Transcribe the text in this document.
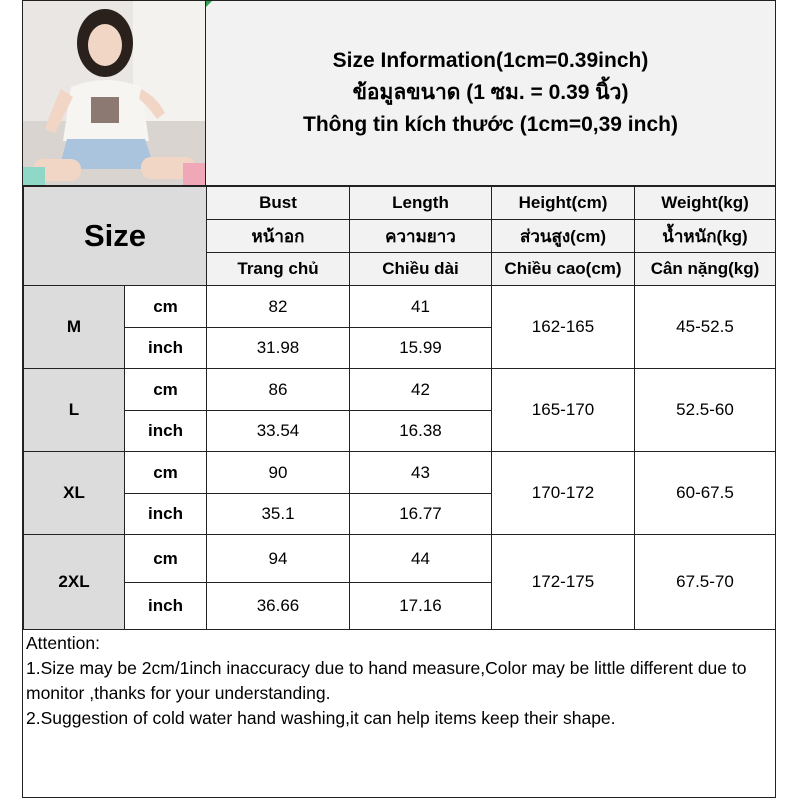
Size Information(1cm=0.39inch)
ข้อมูลขนาด (1 ซม. = 0.39 นิ้ว)
Thông tin kích thước (1cm=0,39 inch)
Size		Bust	Length	Height(cm)	Weight(kg)
		หน้าอก	ความยาว	ส่วนสูง(cm)	น้ำหนัก(kg)
		Trang chủ	Chiều dài	Chiều cao(cm)	Cân nặng(kg)
M	cm	82	41	162-165	45-52.5
	inch	31.98	15.99		
L	cm	86	42	165-170	52.5-60
	inch	33.54	16.38		
XL	cm	90	43	170-172	60-67.5
	inch	35.1	16.77		
2XL	cm	94	44	172-175	67.5-70
	inch	36.66	17.16		

Attention:

1.Size may be 2cm/1inch inaccuracy due to hand measure,Color may be little different due to monitor ,thanks for your understanding.

2.Suggestion of cold water hand washing,it can help items keep their shape.
